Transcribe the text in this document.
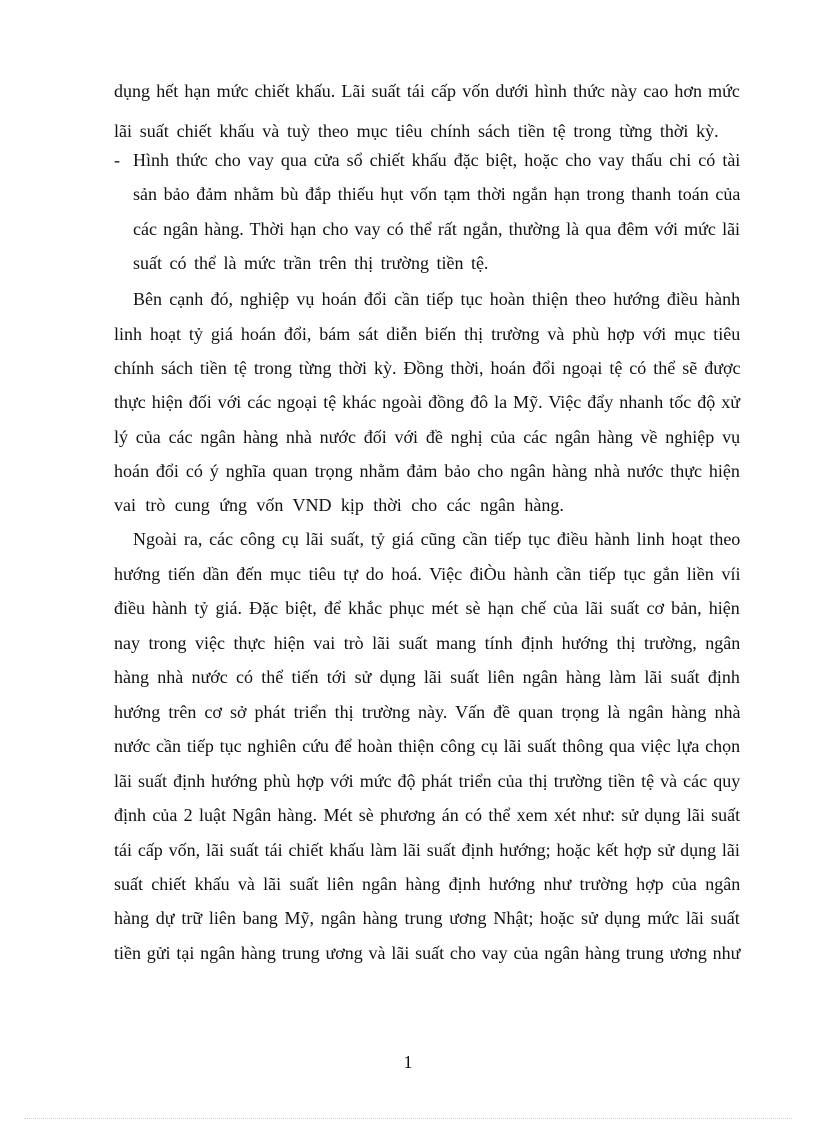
dụng hết hạn mức chiết khấu. Lãi suất tái cấp vốn dưới hình thức này cao hơn mức
lãi suất chiết khấu và tuỳ theo mục tiêu chính sách tiền tệ trong từng thời kỳ.
Hình thức cho vay qua cửa sổ chiết khấu đặc biệt, hoặc cho vay thấu chi có tài
sản bảo đảm nhằm bù đắp thiếu hụt vốn tạm thời ngắn hạn trong thanh toán của
các ngân hàng. Thời hạn cho vay có thể rất ngắn, thường là qua đêm với mức lãi
suất có thể là mức trần trên thị trường tiền tệ.
Bên cạnh đó, nghiệp vụ hoán đổi cần tiếp tục hoàn thiện theo hướng điều hành
linh hoạt tỷ giá hoán đổi, bám sát diễn biến thị trường và phù hợp với mục tiêu
chính sách tiền tệ trong từng thời kỳ. Đồng thời, hoán đổi ngoại tệ có thể sẽ được
thực hiện đối với các ngoại tệ khác ngoài đồng đô la Mỹ. Việc đẩy nhanh tốc độ xử
lý của các ngân hàng nhà nước đối với đề nghị của các ngân hàng về nghiệp vụ
hoán đổi có ý nghĩa quan trọng nhằm đảm bảo cho ngân hàng nhà nước thực hiện
vai trò cung ứng vốn VND kịp thời cho các ngân hàng.
Ngoài ra, các công cụ lãi suất, tỷ giá cũng cần tiếp tục điều hành linh hoạt theo
hướng tiến dần đến mục tiêu tự do hoá. Việc điÒu hành cần tiếp tục gắn liền víi
điều hành tỷ giá. Đặc biệt, để khắc phục mét sè hạn chế của lãi suất cơ bản, hiện
nay trong việc thực hiện vai trò lãi suất mang tính định hướng thị trường, ngân
hàng nhà nước có thể tiến tới sử dụng lãi suất liên ngân hàng làm lãi suất định
hướng trên cơ sở phát triển thị trường này. Vấn đề quan trọng là ngân hàng nhà
nước cần tiếp tục nghiên cứu để hoàn thiện công cụ lãi suất thông qua việc lựa chọn
lãi suất định hướng phù hợp với mức độ phát triển của thị trường tiền tệ và các quy
định của 2 luật Ngân hàng. Mét sè phương án có thể xem xét như: sử dụng lãi suất
tái cấp vốn, lãi suất tái chiết khấu làm lãi suất định hướng; hoặc kết hợp sử dụng lãi
suất chiết khấu và lãi suất liên ngân hàng định hướng như trường hợp của ngân
hàng dự trữ liên bang Mỹ, ngân hàng trung ương Nhật; hoặc sử dụng mức lãi suất
tiền gửi tại ngân hàng trung ương và lãi suất cho vay của ngân hàng trung ương như
-
1
